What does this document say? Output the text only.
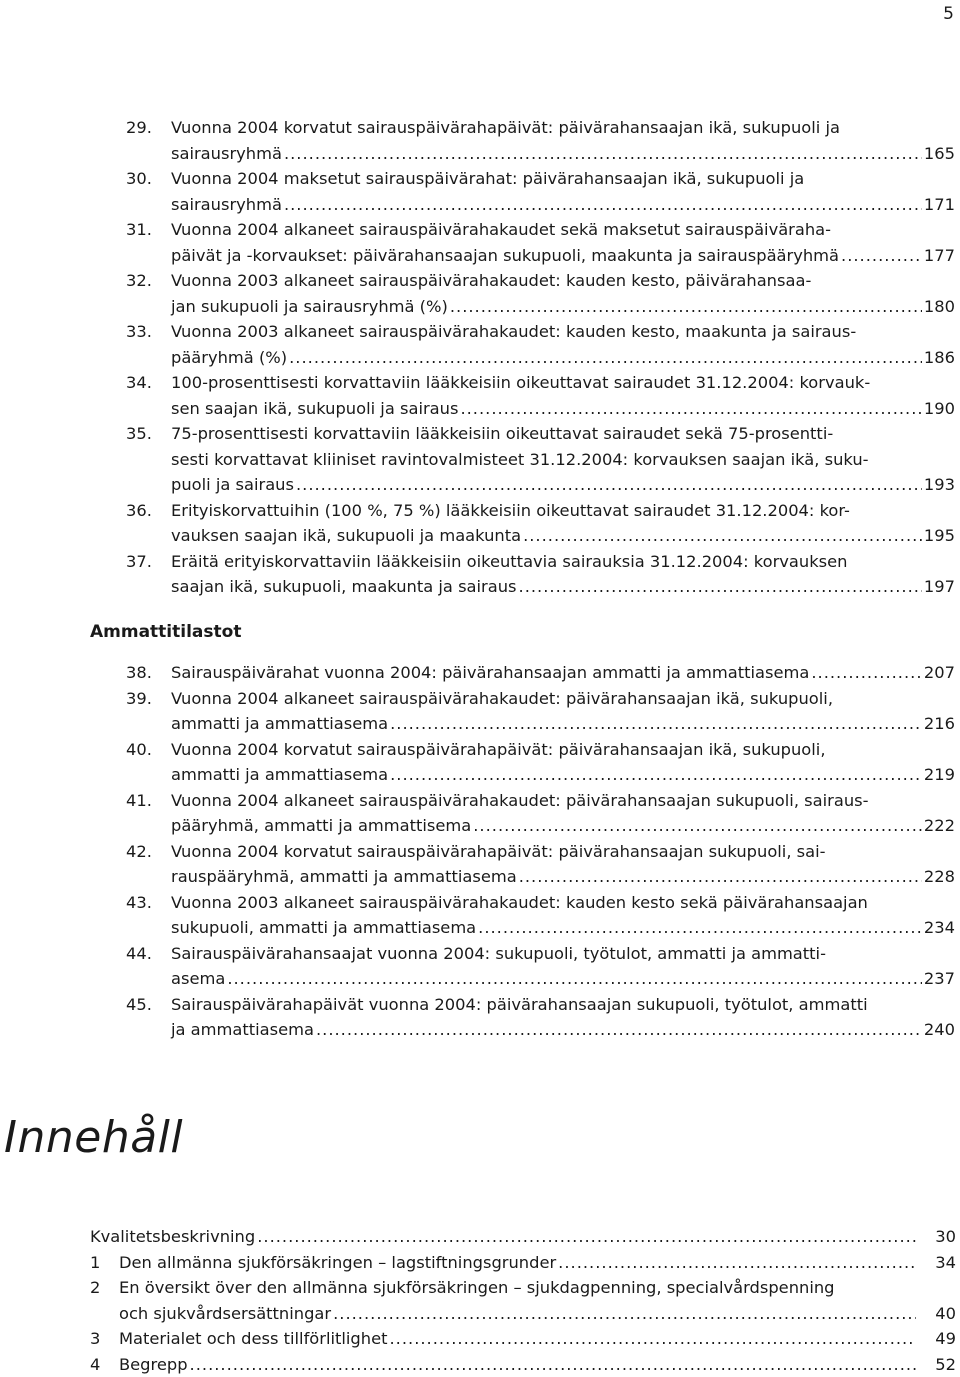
5
29.	Vuonna 2004 korvatut sairauspäivärahapäivät: päivärahansaajan ikä, sukupuoli ja
sairausryhmä .....	165
30.	Vuonna 2004 maksetut sairauspäivärahat: päivärahansaajan ikä, sukupuoli ja
sairausryhmä .....	171
31.	Vuonna 2004 alkaneet sairauspäivärahakaudet sekä maksetut sairauspäiväraha-
päivät ja -korvaukset: päivärahansaajan sukupuoli, maakunta ja sairauspääryhmä .....	177
32.	Vuonna 2003 alkaneet sairauspäivärahakaudet: kauden kesto, päivärahansaa-
jan sukupuoli ja sairausryhmä (%) .....	180
33.	Vuonna 2003 alkaneet sairauspäivärahakaudet: kauden kesto, maakunta ja sairaus-
pääryhmä (%) .....	186
34.	100-prosenttisesti korvattaviin lääkkeisiin oikeuttavat sairaudet 31.12.2004: korvauk-
sen saajan ikä, sukupuoli ja sairaus .....	190
35.	75-prosenttisesti korvattaviin lääkkeisiin oikeuttavat sairaudet sekä 75-prosentti-
sesti korvattavat kliiniset ravintovalmisteet 31.12.2004: korvauksen saajan ikä, suku-
puoli ja sairaus .....	193
36.	Erityiskorvattuihin (100 %, 75 %) lääkkeisiin oikeuttavat sairaudet 31.12.2004: kor-
vauksen saajan ikä, sukupuoli ja maakunta .....	195
37.	Eräitä erityiskorvattaviin lääkkeisiin oikeuttavia sairauksia 31.12.2004: korvauksen
saajan ikä, sukupuoli, maakunta ja sairaus .....	197
Ammattitilastot
38.	Sairauspäivärahat vuonna 2004: päivärahansaajan ammatti ja ammattiasema .....	207
39.	Vuonna 2004 alkaneet sairauspäivärahakaudet: päivärahansaajan ikä, sukupuoli,
ammatti ja ammattiasema .....	216
40.	Vuonna 2004 korvatut sairauspäivärahapäivät: päivärahansaajan ikä, sukupuoli,
ammatti ja ammattiasema .....	219
41.	Vuonna 2004 alkaneet sairauspäivärahakaudet: päivärahansaajan sukupuoli, sairaus-
pääryhmä, ammatti ja ammattisema .....	222
42.	Vuonna 2004 korvatut sairauspäivärahapäivät: päivärahansaajan sukupuoli, sai-
rauspääryhmä, ammatti ja ammattiasema .....	228
43.	Vuonna 2003 alkaneet sairauspäivärahakaudet: kauden kesto sekä päivärahansaajan
sukupuoli, ammatti ja ammattiasema .....	234
44.	Sairauspäivärahansaajat vuonna 2004: sukupuoli, työtulot, ammatti ja ammatti-
asema .....	237
45.	Sairauspäivärahapäivät vuonna 2004: päivärahansaajan sukupuoli, työtulot, ammatti
ja ammattiasema .....	240
Innehåll
Kvalitetsbeskrivning .....	30
1	Den allmänna sjukförsäkringen – lagstiftningsgrunder .....	34
2	En översikt över den allmänna sjukförsäkringen – sjukdagpenning, specialvårdspenning
och sjukvårdsersättningar .....	40
3	Materialet och dess tillförlitlighet .....	49
4	Begrepp .....	52
